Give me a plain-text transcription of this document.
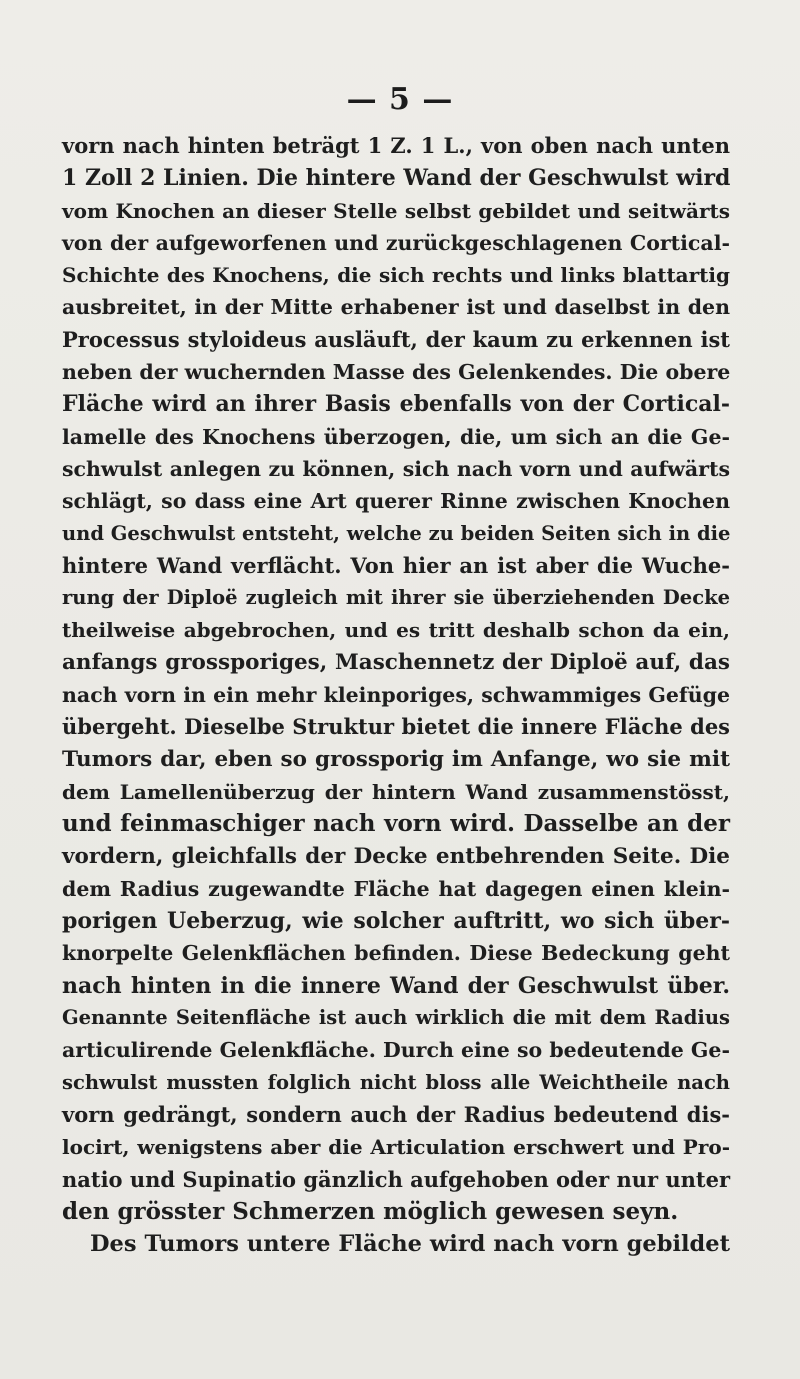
— 5 —
vorn nach hinten beträgt 1 Z. 1 L., von oben nach unten
1 Zoll 2 Linien. Die hintere Wand der Geschwulst wird
vom Knochen an dieser Stelle selbst gebildet und seitwärts
von der aufgeworfenen und zurückgeschlagenen Cortical-
Schichte des Knochens, die sich rechts und links blattartig
ausbreitet, in der Mitte erhabener ist und daselbst in den
Processus styloideus ausläuft, der kaum zu erkennen ist
neben der wuchernden Masse des Gelenkendes. Die obere
Fläche wird an ihrer Basis ebenfalls von der Cortical-
lamelle des Knochens überzogen, die, um sich an die Ge-
schwulst anlegen zu können, sich nach vorn und aufwärts
schlägt, so dass eine Art querer Rinne zwischen Knochen
und Geschwulst entsteht, welche zu beiden Seiten sich in die
hintere Wand verflächt. Von hier an ist aber die Wuche-
rung der Diploë zugleich mit ihrer sie überziehenden Decke
theilweise abgebrochen, und es tritt deshalb schon da ein,
anfangs grossporiges, Maschennetz der Diploë auf, das
nach vorn in ein mehr kleinporiges, schwammiges Gefüge
übergeht. Dieselbe Struktur bietet die innere Fläche des
Tumors dar, eben so grossporig im Anfange, wo sie mit
dem Lamellenüberzug der hintern Wand zusammenstösst,
und feinmaschiger nach vorn wird. Dasselbe an der
vordern, gleichfalls der Decke entbehrenden Seite. Die
dem Radius zugewandte Fläche hat dagegen einen klein-
porigen Ueberzug, wie solcher auftritt, wo sich über-
knorpelte Gelenkflächen befinden. Diese Bedeckung geht
nach hinten in die innere Wand der Geschwulst über.
Genannte Seitenfläche ist auch wirklich die mit dem Radius
articulirende Gelenkfläche. Durch eine so bedeutende Ge-
schwulst mussten folglich nicht bloss alle Weichtheile nach
vorn gedrängt, sondern auch der Radius bedeutend dis-
locirt, wenigstens aber die Articulation erschwert und Pro-
natio und Supinatio gänzlich aufgehoben oder nur unter
den grösster Schmerzen möglich gewesen seyn.
Des Tumors untere Fläche wird nach vorn gebildet
